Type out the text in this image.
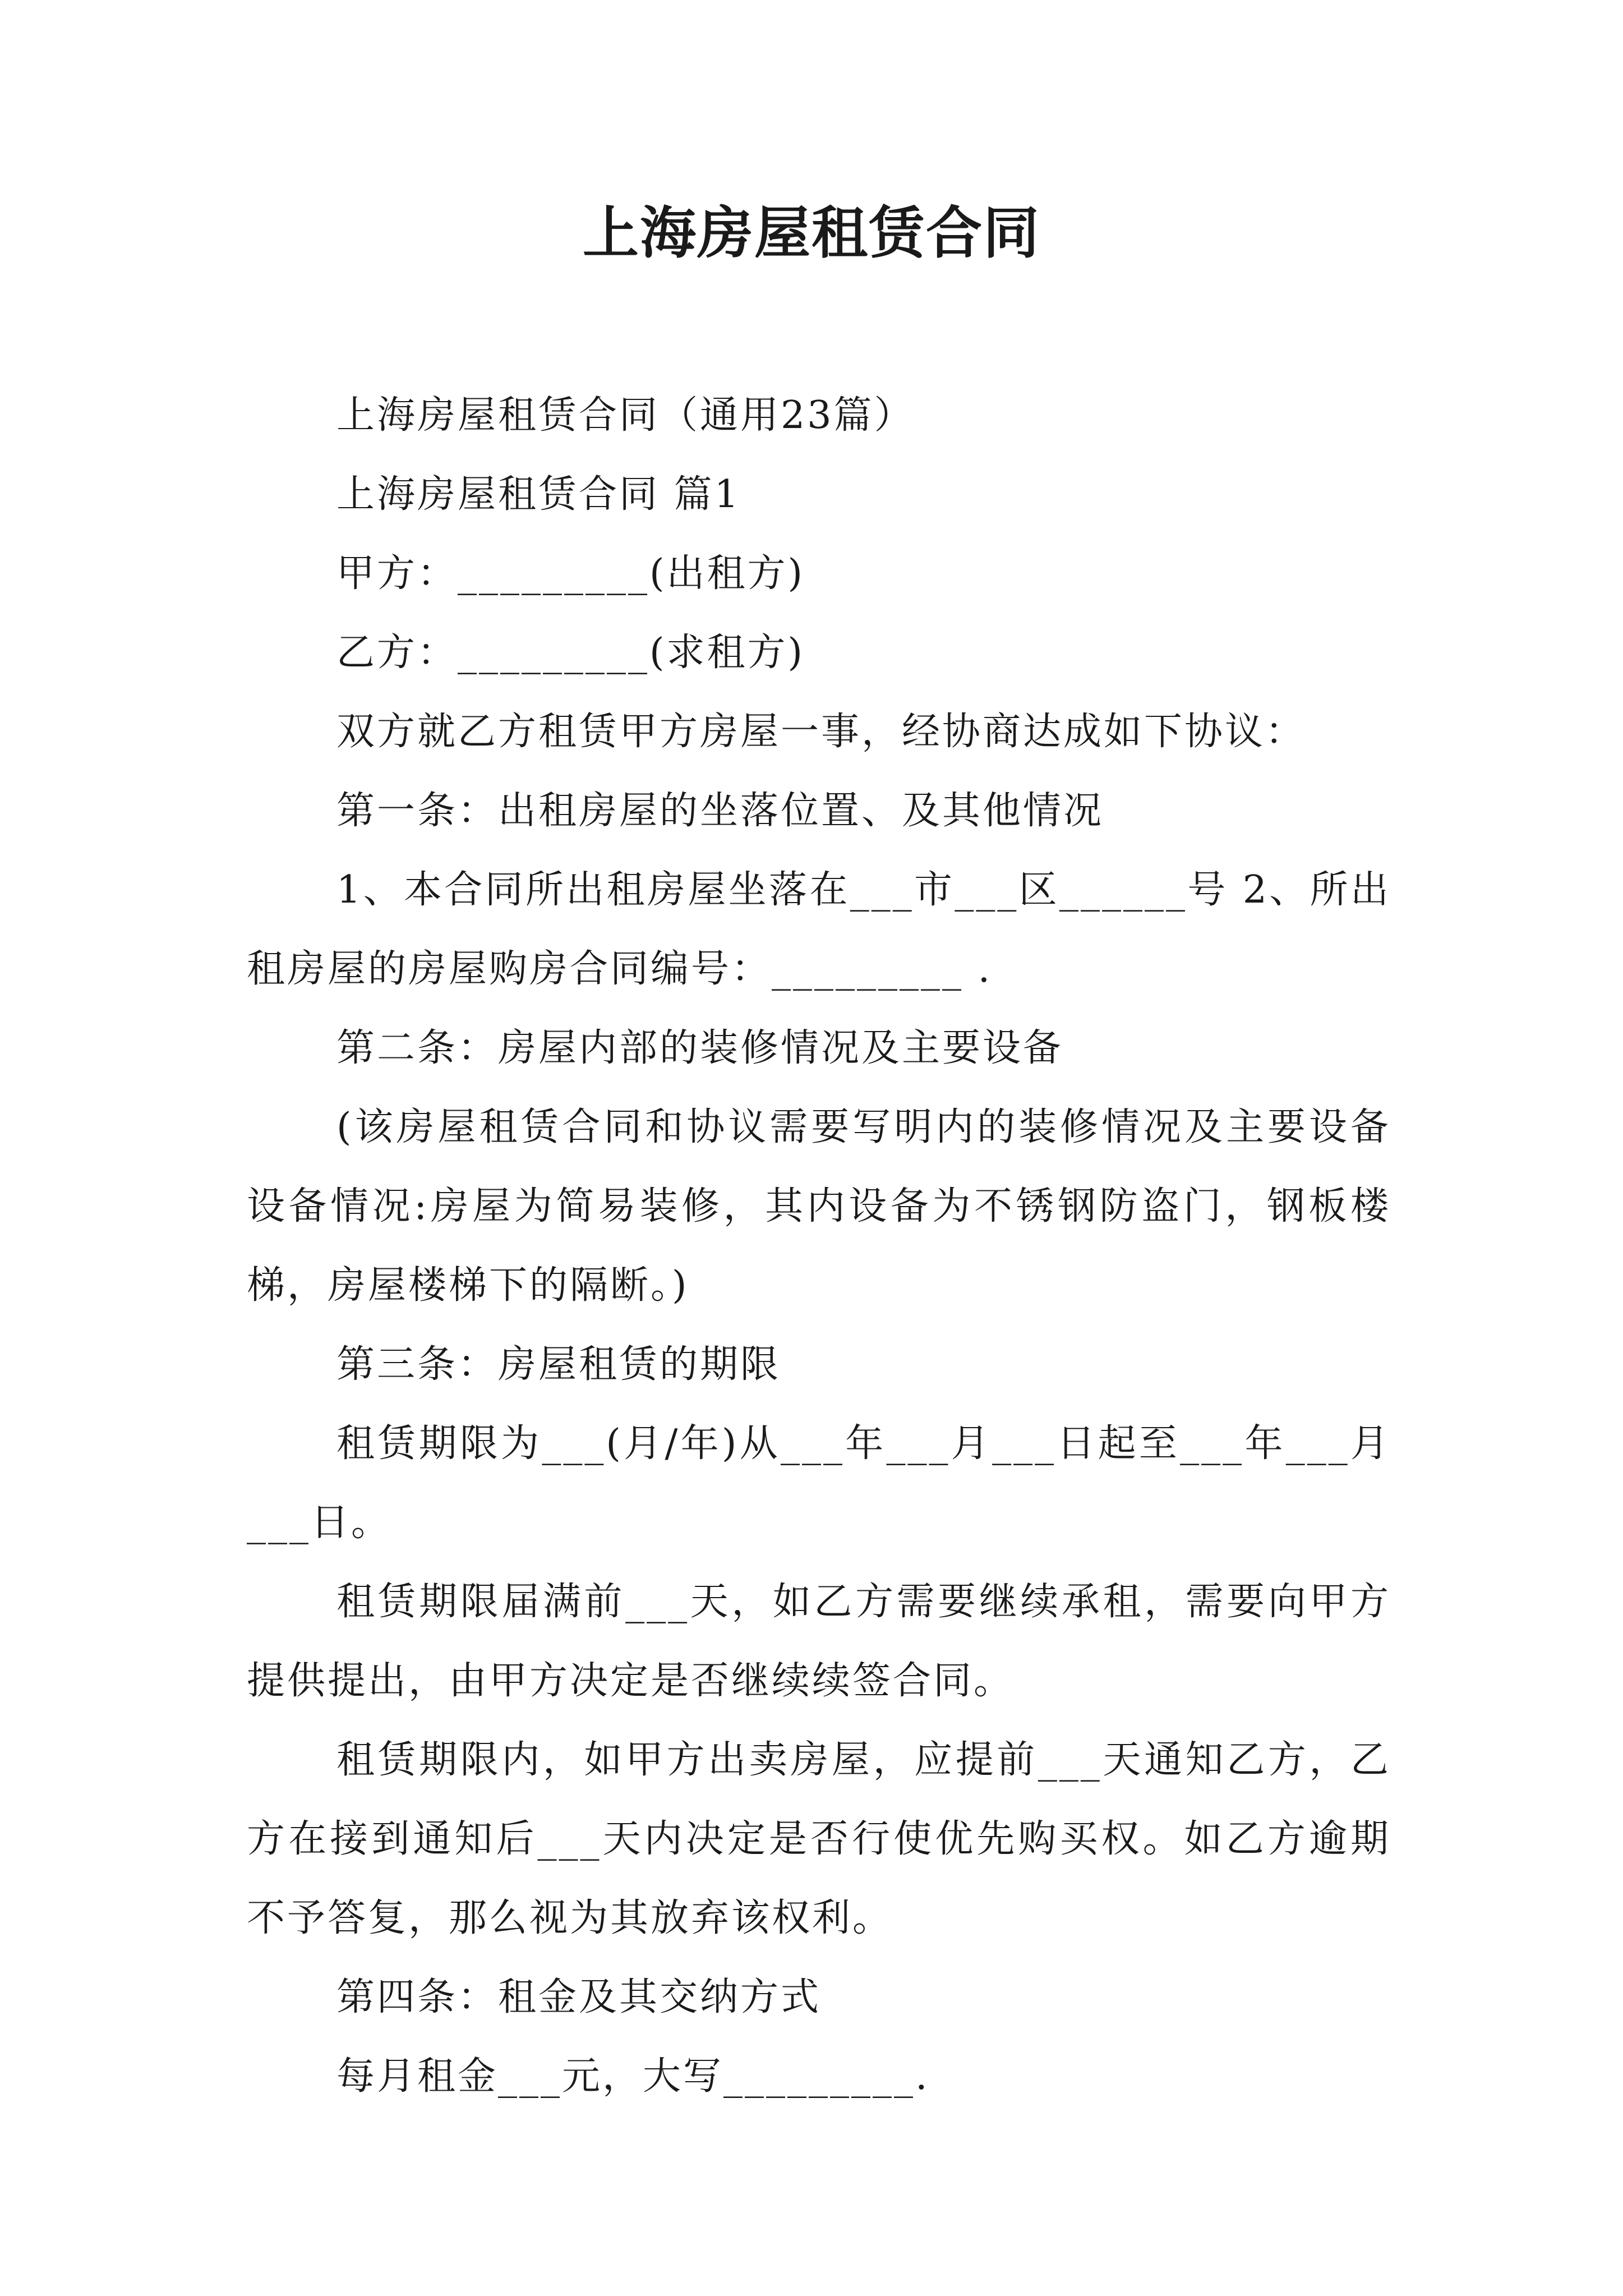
上海房屋租赁合同

上海房屋租赁合同（通用23篇）

上海房屋租赁合同 篇1

甲方：_________(出租方)

乙方：_________(求租方)

双方就乙方租赁甲方房屋一事，经协商达成如下协议：

第一条：出租房屋的坐落位置、及其他情况

1、本合同所出租房屋坐落在___市___区______号 2、所出租房屋的房屋购房合同编号：_________ .

第二条：房屋内部的装修情况及主要设备

(该房屋租赁合同和协议需要写明内的装修情况及主要设备设备情况:房屋为简易装修，其内设备为不锈钢防盗门，钢板楼梯，房屋楼梯下的隔断。)

第三条：房屋租赁的期限

租赁期限为___(月/年)从___年___月___日起至___年___月___日。

租赁期限届满前___天，如乙方需要继续承租，需要向甲方提供提出，由甲方决定是否继续续签合同。

租赁期限内，如甲方出卖房屋，应提前___天通知乙方，乙方在接到通知后___天内决定是否行使优先购买权。如乙方逾期不予答复，那么视为其放弃该权利。

第四条：租金及其交纳方式

每月租金___元，大写_________.
